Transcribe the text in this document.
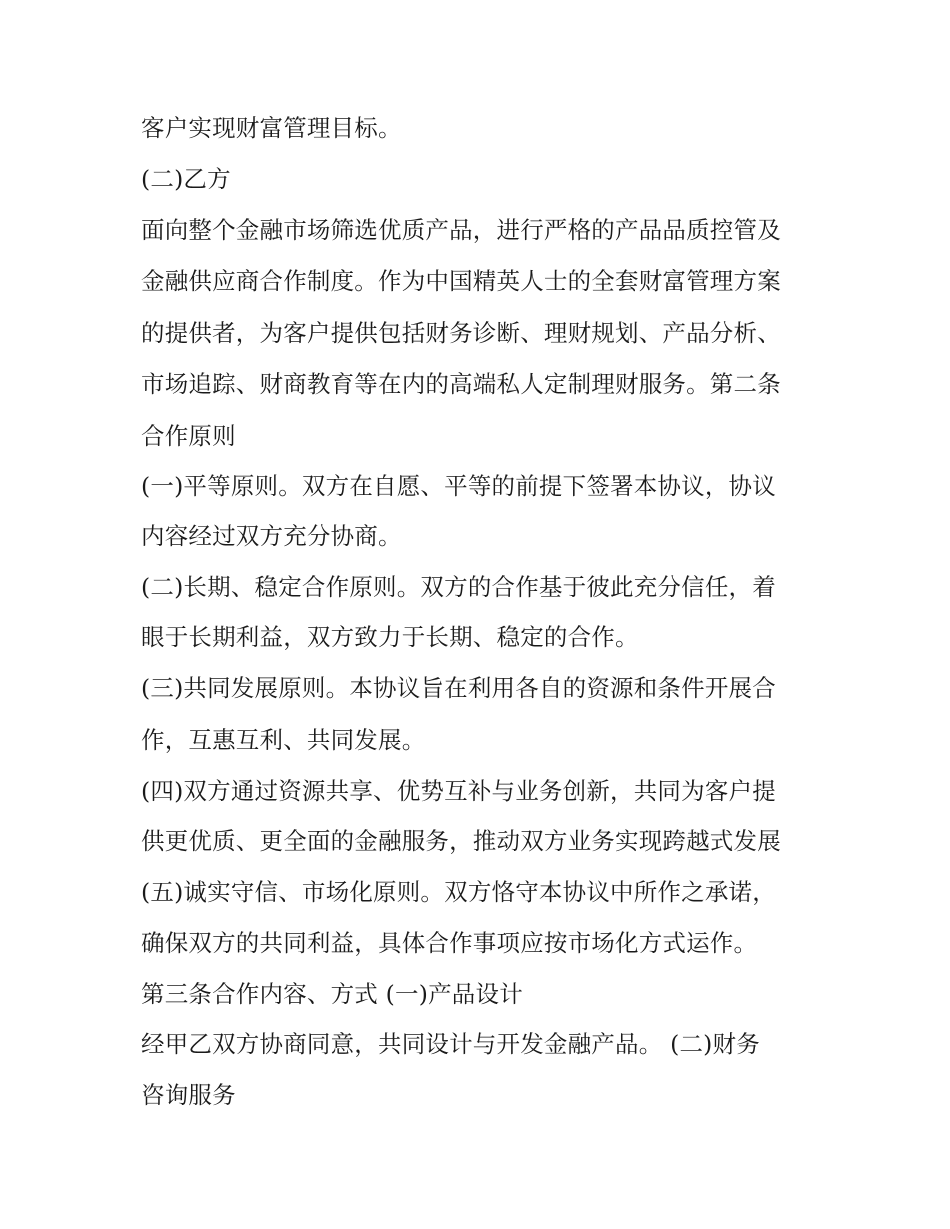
客户实现财富管理目标。
(二)乙方
面向整个金融市场筛选优质产品，进行严格的产品品质控管及
金融供应商合作制度。作为中国精英人士的全套财富管理方案
的提供者，为客户提供包括财务诊断、理财规划、产品分析、
市场追踪、财商教育等在内的高端私人定制理财服务。第二条
合作原则
(一)平等原则。双方在自愿、平等的前提下签署本协议，协议
内容经过双方充分协商。
(二)长期、稳定合作原则。双方的合作基于彼此充分信任，着
眼于长期利益，双方致力于长期、稳定的合作。
(三)共同发展原则。本协议旨在利用各自的资源和条件开展合
作，互惠互利、共同发展。
(四)双方通过资源共享、优势互补与业务创新，共同为客户提
供更优质、更全面的金融服务，推动双方业务实现跨越式发展
(五)诚实守信、市场化原则。双方恪守本协议中所作之承诺，
确保双方的共同利益，具体合作事项应按市场化方式运作。
第三条合作内容、方式 (一)产品设计
经甲乙双方协商同意，共同设计与开发金融产品。 (二)财务
咨询服务
